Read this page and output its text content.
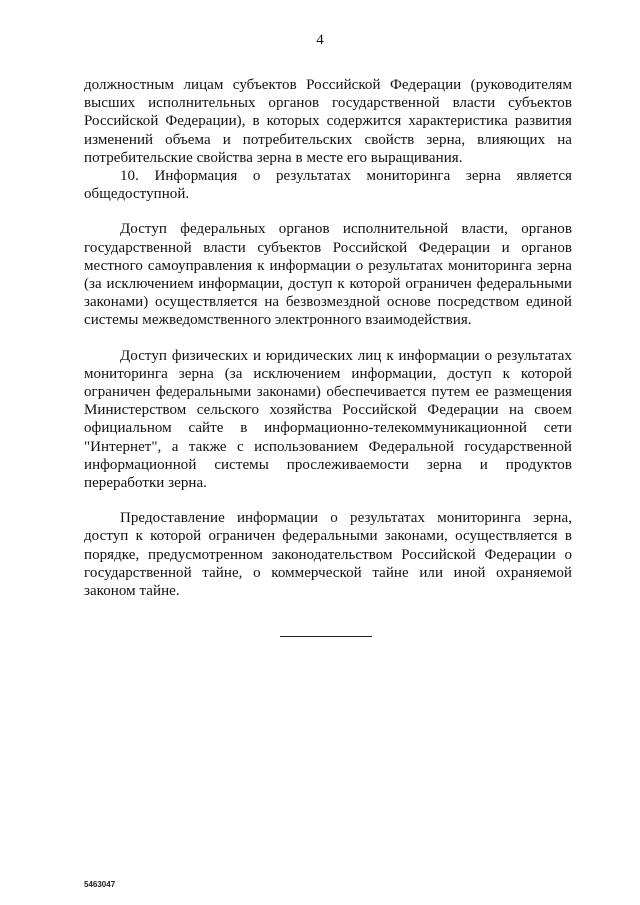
4

должностным лицам субъектов Российской Федерации (руководителям высших исполнительных органов государственной власти субъектов Российской Федерации), в которых содержится характеристика развития изменений объема и потребительских свойств зерна, влияющих на потребительские свойства зерна в месте его выращивания.

10. Информация о результатах мониторинга зерна является общедоступной.

Доступ федеральных органов исполнительной власти, органов государственной власти субъектов Российской Федерации и органов местного самоуправления к информации о результатах мониторинга зерна (за исключением информации, доступ к которой ограничен федеральными законами) осуществляется на безвозмездной основе посредством единой системы межведомственного электронного взаимодействия.

Доступ физических и юридических лиц к информации о результатах мониторинга зерна (за исключением информации, доступ к которой ограничен федеральными законами) обеспечивается путем ее размещения Министерством сельского хозяйства Российской Федерации на своем официальном сайте в информационно-телекоммуникационной сети "Интернет", а также с использованием Федеральной государственной информационной системы прослеживаемости зерна и продуктов переработки зерна.

Предоставление информации о результатах мониторинга зерна, доступ к которой ограничен федеральными законами, осуществляется в порядке, предусмотренном законодательством Российской Федерации о государственной тайне, о коммерческой тайне или иной охраняемой законом тайне.

5463047
